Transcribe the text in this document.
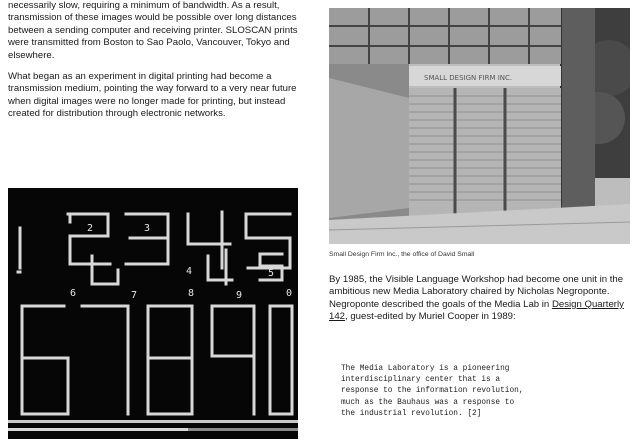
necessarily slow, requiring a minimum of bandwidth. As a result, transmission of these images would be possible over long distances between a sending computer and receiving printer. SLOSCAN prints were transmitted from Boston to Sao Paolo, Vancouver, Tokyo and elsewhere.

What began as an experiment in digital printing had become a transmission medium, pointing the way forward to a very near future when digital images were no longer made for printing, but instead created for distribution through electronic networks.

2	3
4	5
6	7	8	9	0
SMALL DESIGN FIRM INC.
Small Design Firm Inc., the office of David Small
By 1985, the Visible Language Workshop had become one unit in the ambitious new Media Laboratory chaired by Nicholas Negroponte. Negroponte described the goals of the Media Lab in Design Quarterly 142, guest-edited by Muriel Cooper in 1989:
The Media Laboratory is a pioneering
interdisciplinary center that is a
response to the information revolution,
much as the Bauhaus was a response to
the industrial revolution. [2]
